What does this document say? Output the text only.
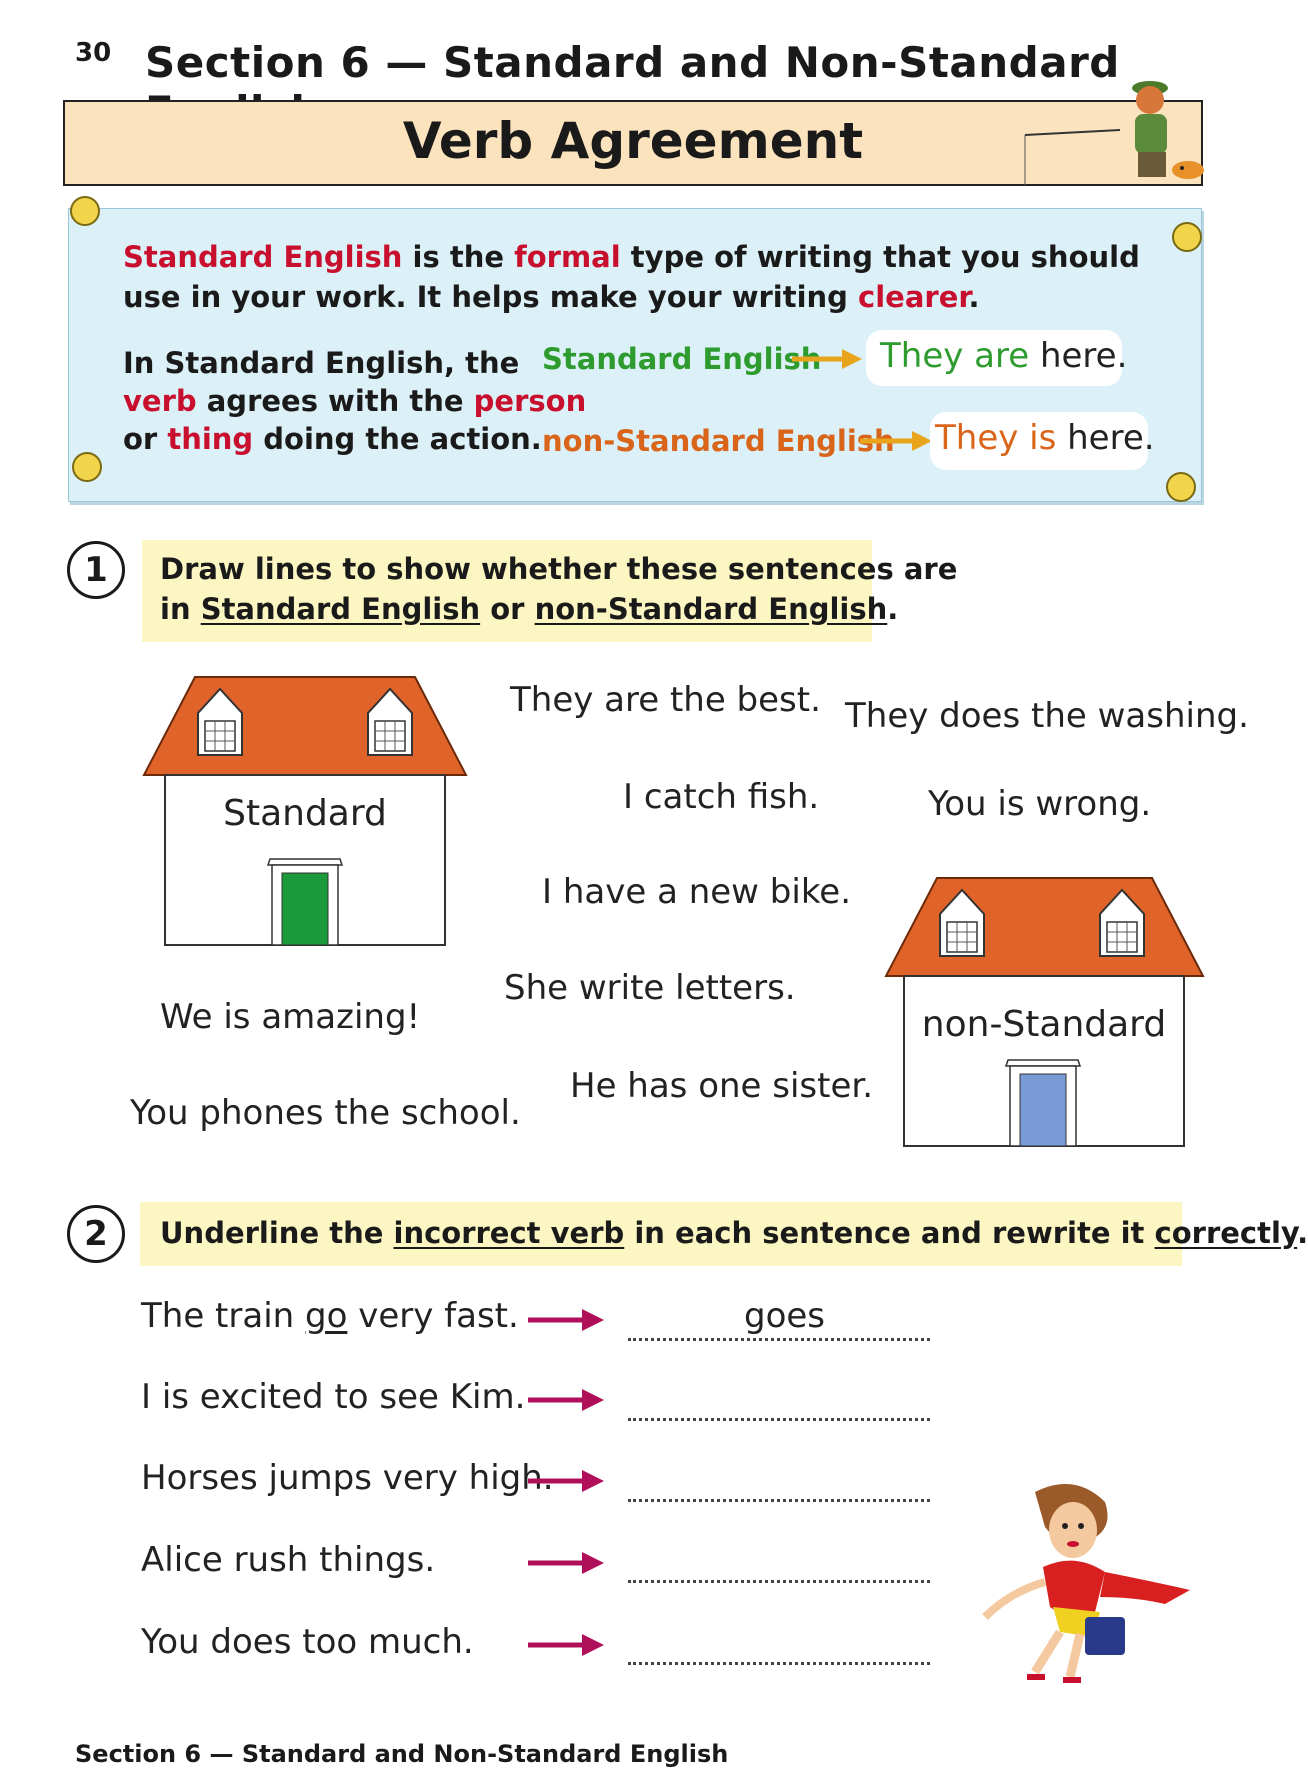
30 Section 6 — Standard and Non-Standard
Verb Agreement
Standard English is the formal type of writing that you should
use in your work. It helps make your writing clearer.
In Standard English, the
verb agrees with the person
or thing doing the action.
Standard English They are here.
non-Standard English They is here.
1	Draw lines to show whether these sentences are
in Standard English or non-Standard English.
Standard
non-Standard
They are the best. They does the washing.
I catch fish.	You is wrong.
I have a new bike.
She write letters.
We is amazing!
He has one sister.
You phones the school.
2	Underline the incorrect verb in each sentence and rewrite it correctly.
The train go very fast.	goes
I is excited to see Kim.
Horses jumps very high.
Alice rush things.
You does too much.
Section 6 — Standard and Non-Standard English
